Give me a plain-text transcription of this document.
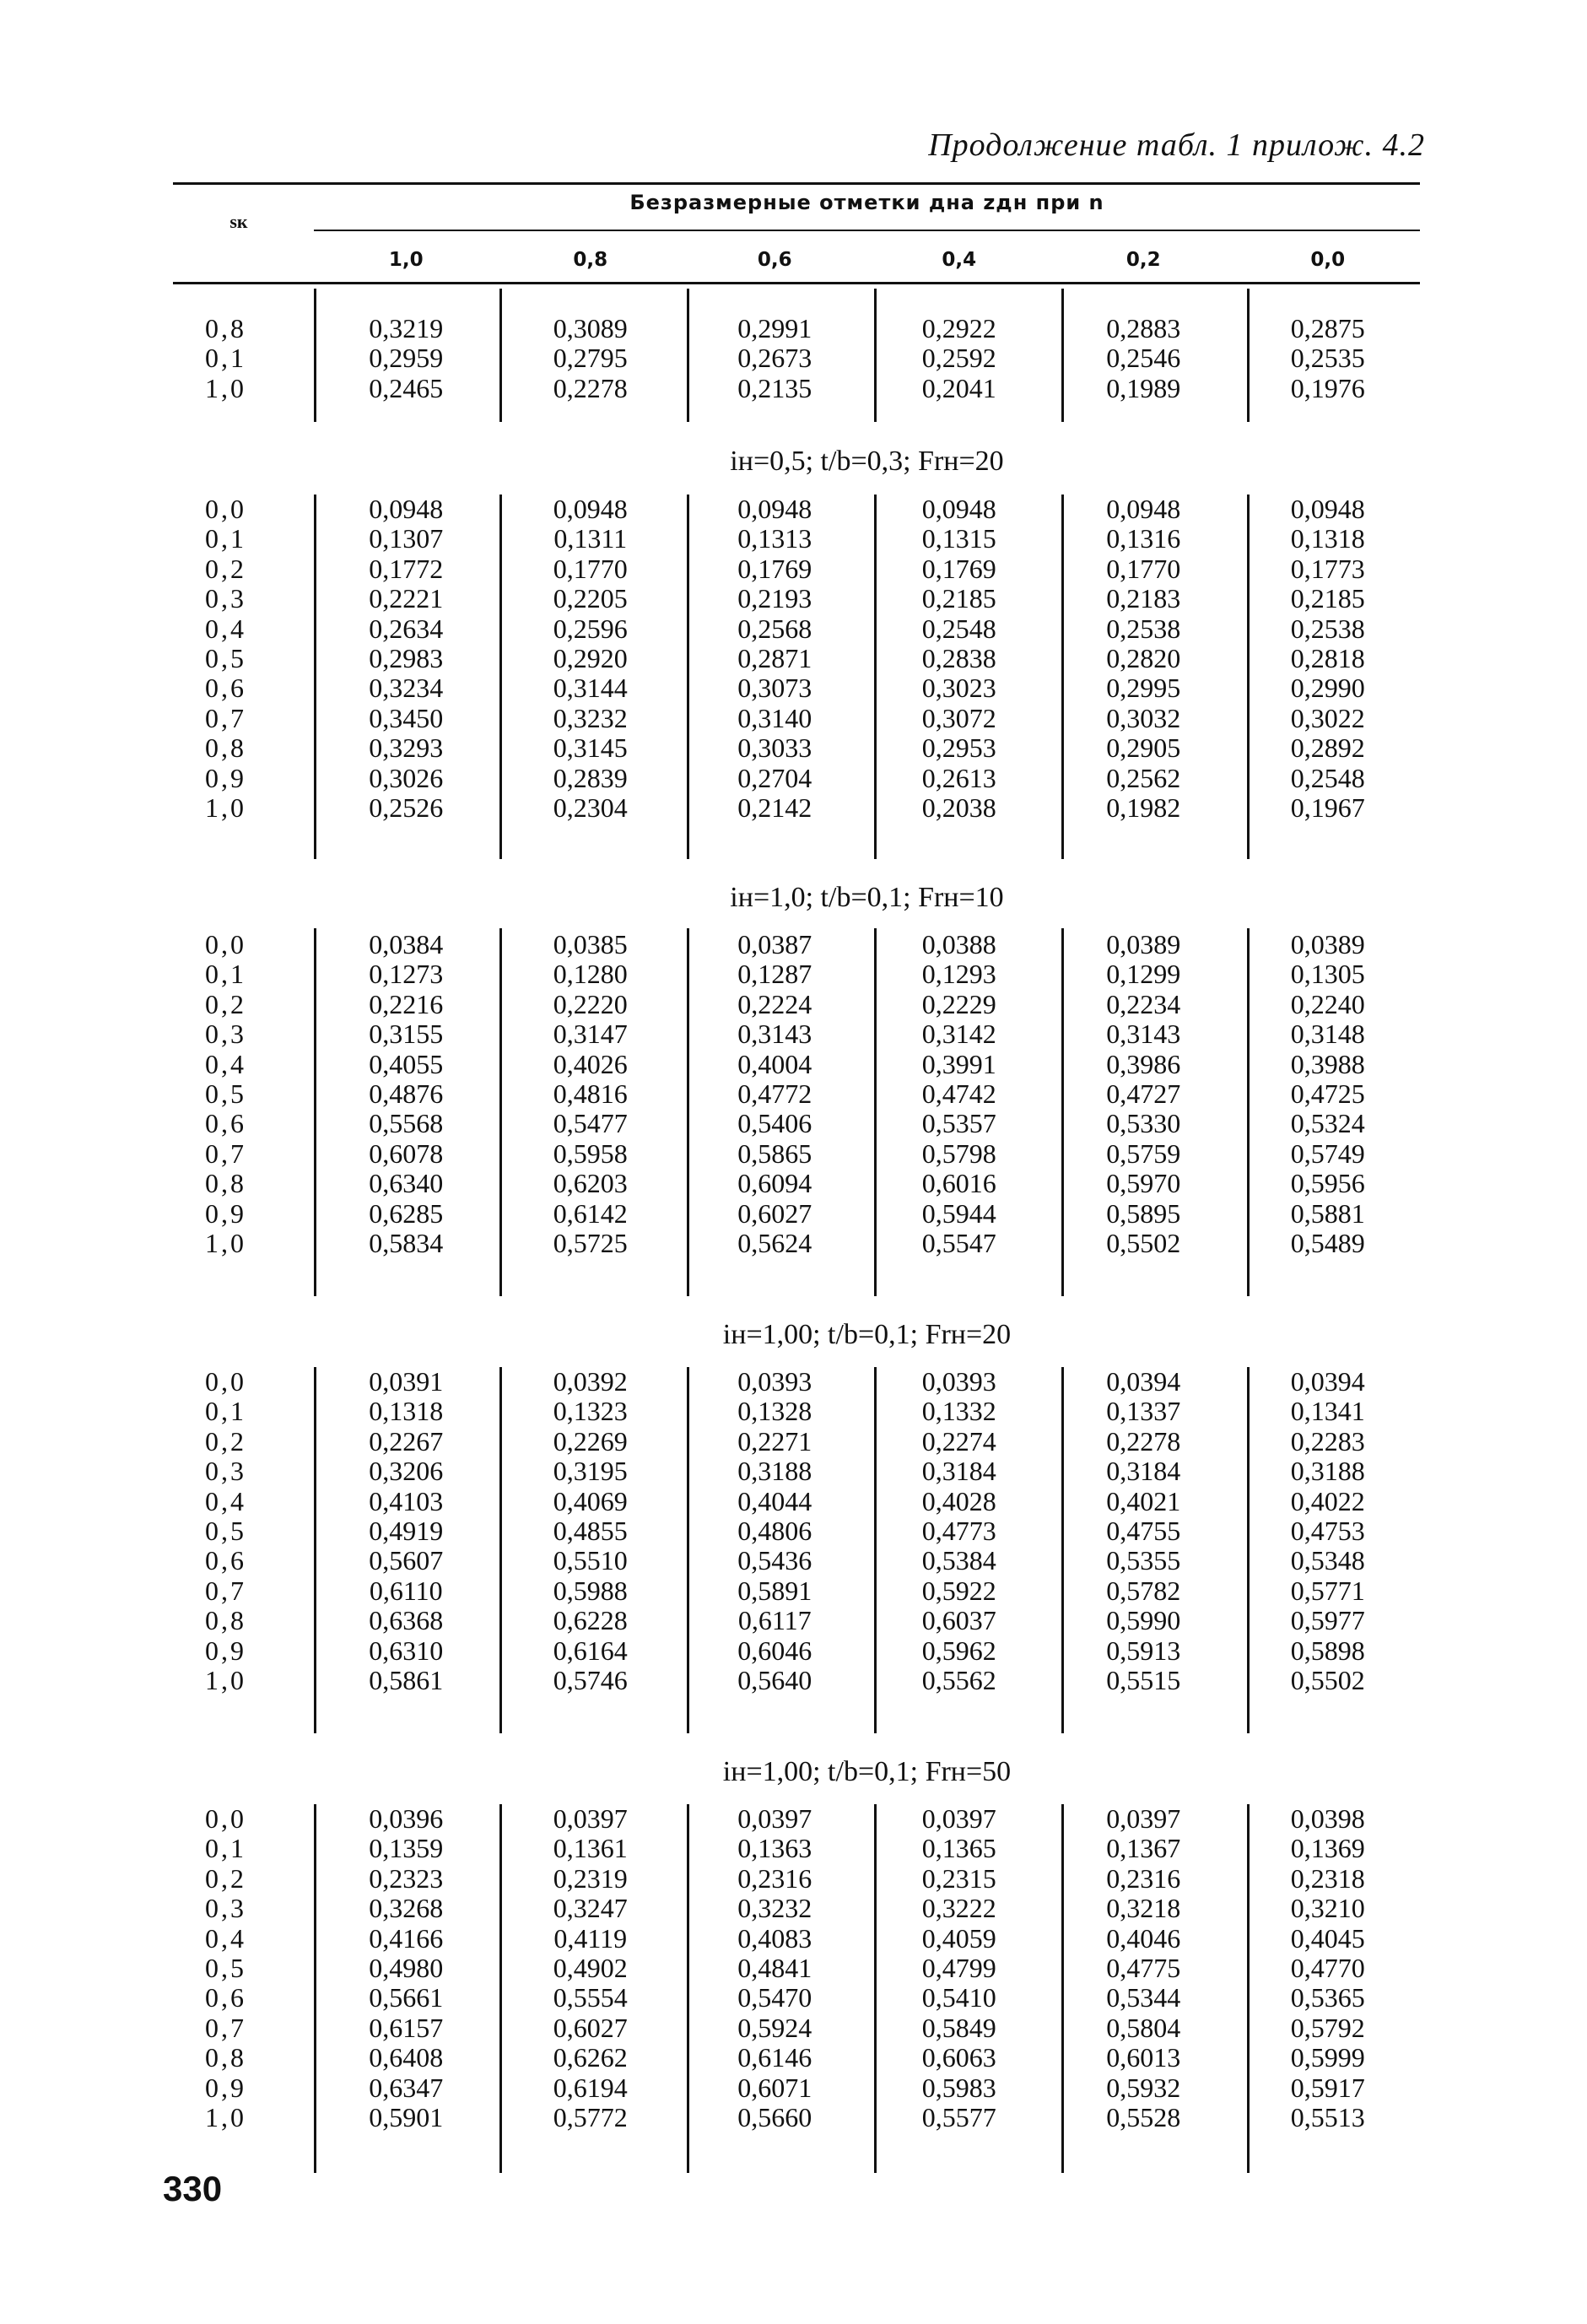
Продолжение табл. 1 прилож. 4.2
sк
Безразмерные отметки дна zдн при n
1,0	0,8	0,6	0,4	0,2	0,0
0,8	0,3219	0,3089	0,2991	0,2922	0,2883	0,2875
0,1	0,2959	0,2795	0,2673	0,2592	0,2546	0,2535
1,0	0,2465	0,2278	0,2135	0,2041	0,1989	0,1976
iн=0,5; t/b=0,3; Frн=20
0,0	0,0948	0,0948	0,0948	0,0948	0,0948	0,0948
0,1	0,1307	0,1311	0,1313	0,1315	0,1316	0,1318
0,2	0,1772	0,1770	0,1769	0,1769	0,1770	0,1773
0,3	0,2221	0,2205	0,2193	0,2185	0,2183	0,2185
0,4	0,2634	0,2596	0,2568	0,2548	0,2538	0,2538
0,5	0,2983	0,2920	0,2871	0,2838	0,2820	0,2818
0,6	0,3234	0,3144	0,3073	0,3023	0,2995	0,2990
0,7	0,3450	0,3232	0,3140	0,3072	0,3032	0,3022
0,8	0,3293	0,3145	0,3033	0,2953	0,2905	0,2892
0,9	0,3026	0,2839	0,2704	0,2613	0,2562	0,2548
1,0	0,2526	0,2304	0,2142	0,2038	0,1982	0,1967
iн=1,0; t/b=0,1; Frн=10
0,0	0,0384	0,0385	0,0387	0,0388	0,0389	0,0389
0,1	0,1273	0,1280	0,1287	0,1293	0,1299	0,1305
0,2	0,2216	0,2220	0,2224	0,2229	0,2234	0,2240
0,3	0,3155	0,3147	0,3143	0,3142	0,3143	0,3148
0,4	0,4055	0,4026	0,4004	0,3991	0,3986	0,3988
0,5	0,4876	0,4816	0,4772	0,4742	0,4727	0,4725
0,6	0,5568	0,5477	0,5406	0,5357	0,5330	0,5324
0,7	0,6078	0,5958	0,5865	0,5798	0,5759	0,5749
0,8	0,6340	0,6203	0,6094	0,6016	0,5970	0,5956
0,9	0,6285	0,6142	0,6027	0,5944	0,5895	0,5881
1,0	0,5834	0,5725	0,5624	0,5547	0,5502	0,5489
iн=1,00; t/b=0,1; Frн=20
0,0	0,0391	0,0392	0,0393	0,0393	0,0394	0,0394
0,1	0,1318	0,1323	0,1328	0,1332	0,1337	0,1341
0,2	0,2267	0,2269	0,2271	0,2274	0,2278	0,2283
0,3	0,3206	0,3195	0,3188	0,3184	0,3184	0,3188
0,4	0,4103	0,4069	0,4044	0,4028	0,4021	0,4022
0,5	0,4919	0,4855	0,4806	0,4773	0,4755	0,4753
0,6	0,5607	0,5510	0,5436	0,5384	0,5355	0,5348
0,7	0,6110	0,5988	0,5891	0,5922	0,5782	0,5771
0,8	0,6368	0,6228	0,6117	0,6037	0,5990	0,5977
0,9	0,6310	0,6164	0,6046	0,5962	0,5913	0,5898
1,0	0,5861	0,5746	0,5640	0,5562	0,5515	0,5502
iн=1,00; t/b=0,1; Frн=50
0,0	0,0396	0,0397	0,0397	0,0397	0,0397	0,0398
0,1	0,1359	0,1361	0,1363	0,1365	0,1367	0,1369
0,2	0,2323	0,2319	0,2316	0,2315	0,2316	0,2318
0,3	0,3268	0,3247	0,3232	0,3222	0,3218	0,3210
0,4	0,4166	0,4119	0,4083	0,4059	0,4046	0,4045
0,5	0,4980	0,4902	0,4841	0,4799	0,4775	0,4770
0,6	0,5661	0,5554	0,5470	0,5410	0,5344	0,5365
0,7	0,6157	0,6027	0,5924	0,5849	0,5804	0,5792
0,8	0,6408	0,6262	0,6146	0,6063	0,6013	0,5999
0,9	0,6347	0,6194	0,6071	0,5983	0,5932	0,5917
1,0	0,5901	0,5772	0,5660	0,5577	0,5528	0,5513
330
